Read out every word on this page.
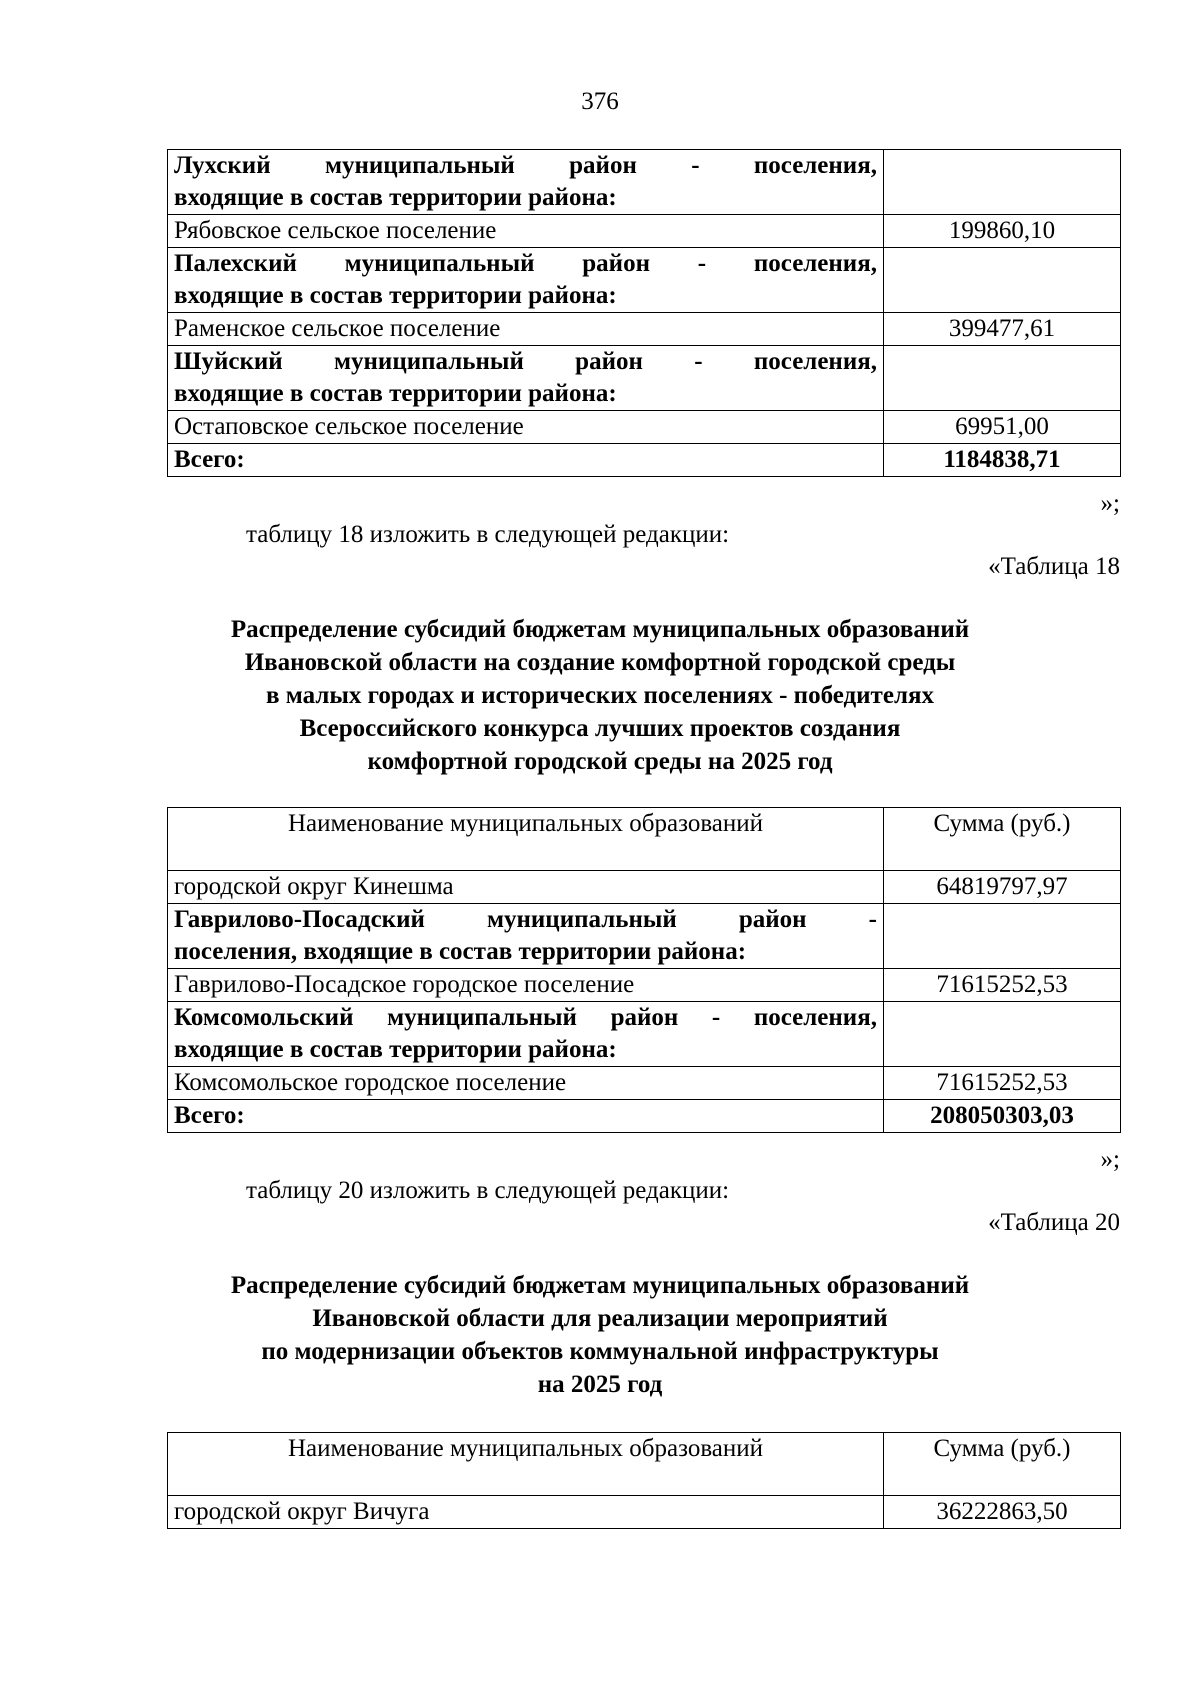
376
Лухский муниципальный район - поселения,

входящие в состав территории района:	

Рябовское сельское поселение	199860,10
Палехский муниципальный район - поселения,

входящие в состав территории района:	

Раменское сельское поселение	399477,61
Шуйский муниципальный район - поселения,

входящие в состав территории района:	

Остаповское сельское поселение	69951,00
Всего:	1184838,71
»;
таблицу 18 изложить в следующей редакции:
«Таблица 18
Распределение субсидий бюджетам муниципальных образований
Ивановской области на создание комфортной городской среды
в малых городах и исторических поселениях - победителях
Всероссийского конкурса лучших проектов создания
комфортной городской среды на 2025 год
Наименование муниципальных образований	Сумма (руб.)
городской округ Кинешма	64819797,97
Гаврилово-Посадский муниципальный район -

поселения, входящие в состав территории района:	

Гаврилово-Посадское городское поселение	71615252,53
Комсомольский муниципальный район - поселения,

входящие в состав территории района:	

Комсомольское городское поселение	71615252,53
Всего:	208050303,03
»;
таблицу 20 изложить в следующей редакции:
«Таблица 20
Распределение субсидий бюджетам муниципальных образований
Ивановской области для реализации мероприятий
по модернизации объектов коммунальной инфраструктуры
на 2025 год
Наименование муниципальных образований	Сумма (руб.)
городской округ Вичуга	36222863,50
